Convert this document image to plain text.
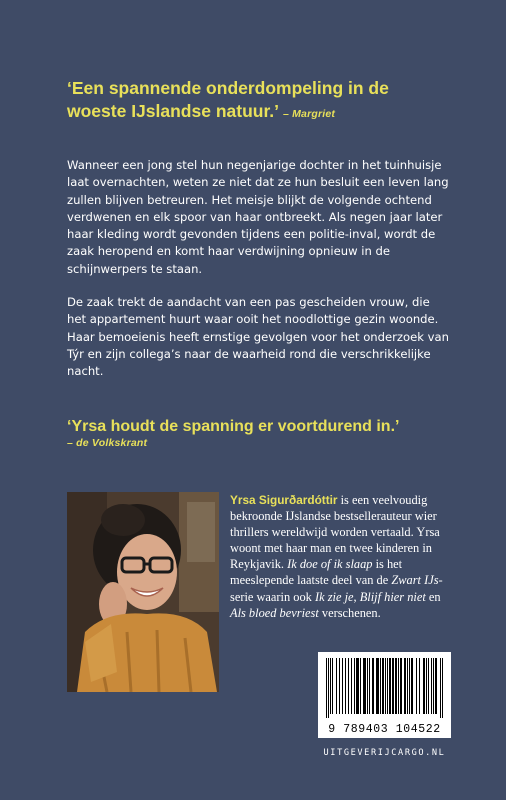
‘Een spannende onderdompeling in de woeste IJslandse natuur.’ – Margriet
Wanneer een jong stel hun negenjarige dochter in het tuinhuisje laat overnachten, weten ze niet dat ze hun besluit een leven lang zullen blijven betreuren. Het meisje blijkt de volgende ochtend verdwenen en elk spoor van haar ontbreekt. Als negen jaar later haar kleding wordt gevonden tijdens een politie-inval, wordt de zaak heropend en komt haar verdwijning opnieuw in de schijnwerpers te staan.
De zaak trekt de aandacht van een pas gescheiden vrouw, die het appartement huurt waar ooit het noodlottige gezin woonde. Haar bemoeienis heeft ernstige gevolgen voor het onderzoek van Týr en zijn collega’s naar de waarheid rond die verschrikkelijke nacht.
‘Yrsa houdt de spanning er voortdurend in.’
– de Volkskrant
Yrsa Sigurðardóttir is een veelvoudig bekroonde IJslandse bestsellerauteur wier thrillers wereldwijd worden vertaald. Yrsa woont met haar man en twee kinderen in Reykjavik. Ik doe of ik slaap is het meeslepende laatste deel van de Zwart IJs-serie waarin ook Ik zie je, Blijf hier niet en Als bloed bevriest verschenen.
9 789403 104522
UITGEVERIJCARGO.NL
